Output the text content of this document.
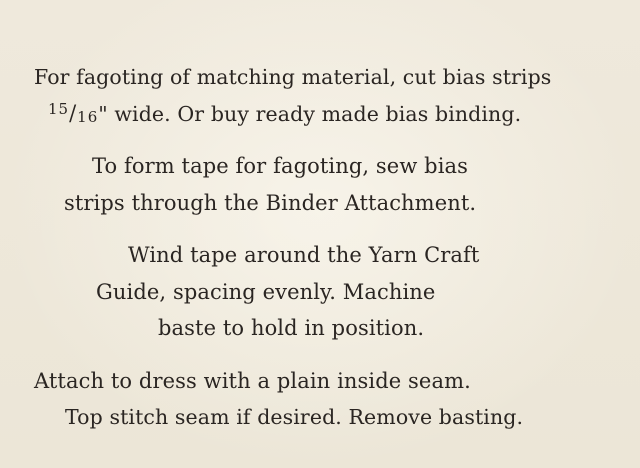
For fagoting of matching material, cut bias strips
$^{15/16}$" wide. Or buy ready made bias binding.
To form tape for fagoting, sew bias
strips through the Binder Attachment.
Wind tape around the Yarn Craft
Guide, spacing evenly. Machine
baste to hold in position.
Attach to dress with a plain inside seam.
Top stitch seam if desired. Remove basting.
